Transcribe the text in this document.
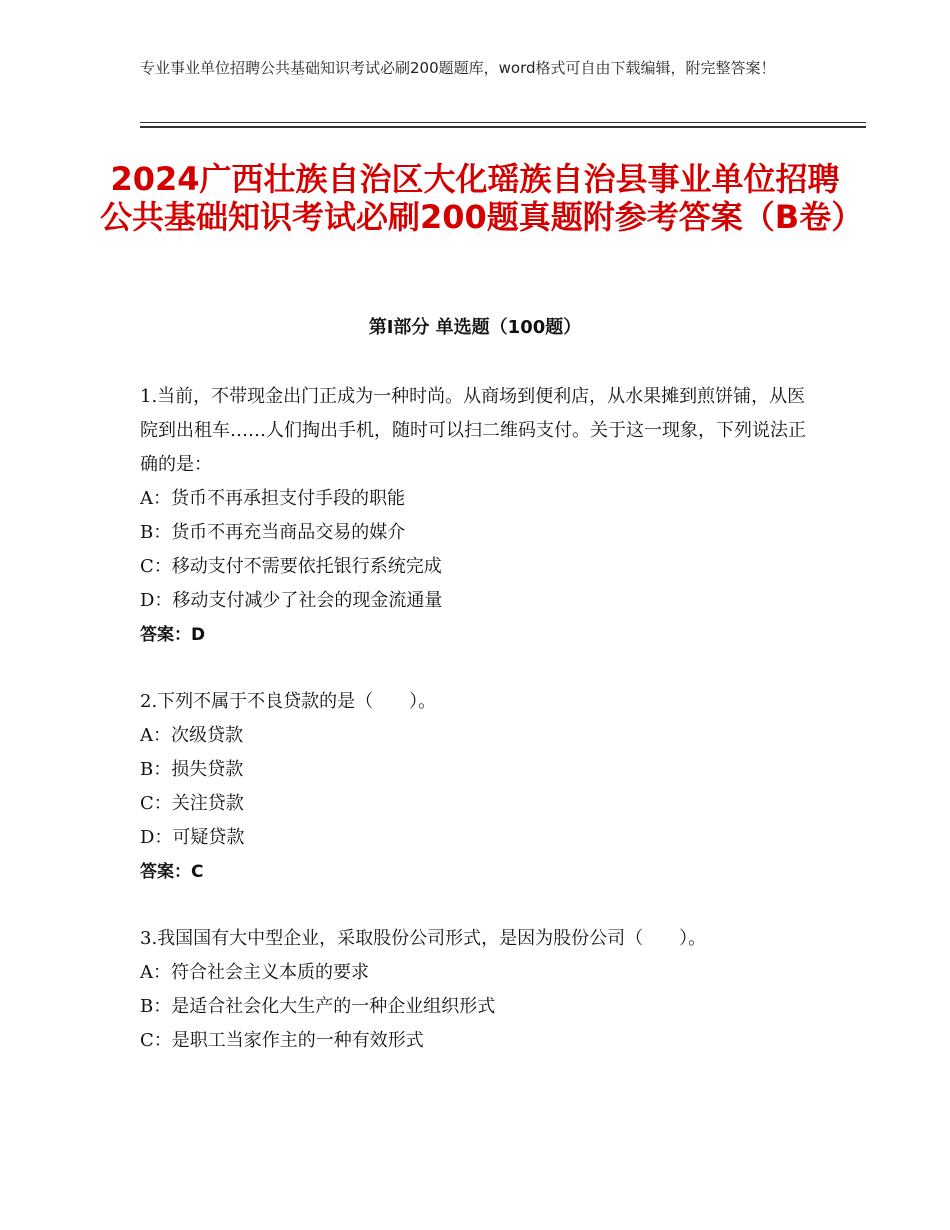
专业事业单位招聘公共基础知识考试必刷200题题库，word格式可自由下载编辑，附完整答案！
2024广西壮族自治区大化瑶族自治县事业单位招聘公共基础知识考试必刷200题真题附参考答案（B卷）
第Ⅰ部分 单选题（100题）
1.当前，不带现金出门正成为一种时尚。从商场到便利店，从水果摊到煎饼铺，从医院到出租车……人们掏出手机，随时可以扫二维码支付。关于这一现象，下列说法正确的是：
A：货币不再承担支付手段的职能
B：货币不再充当商品交易的媒介
C：移动支付不需要依托银行系统完成
D：移动支付减少了社会的现金流通量
答案：D
2.下列不属于不良贷款的是（　　）。
A：次级贷款
B：损失贷款
C：关注贷款
D：可疑贷款
答案：C
3.我国国有大中型企业，采取股份公司形式，是因为股份公司（　　）。
A：符合社会主义本质的要求
B：是适合社会化大生产的一种企业组织形式
C：是职工当家作主的一种有效形式
